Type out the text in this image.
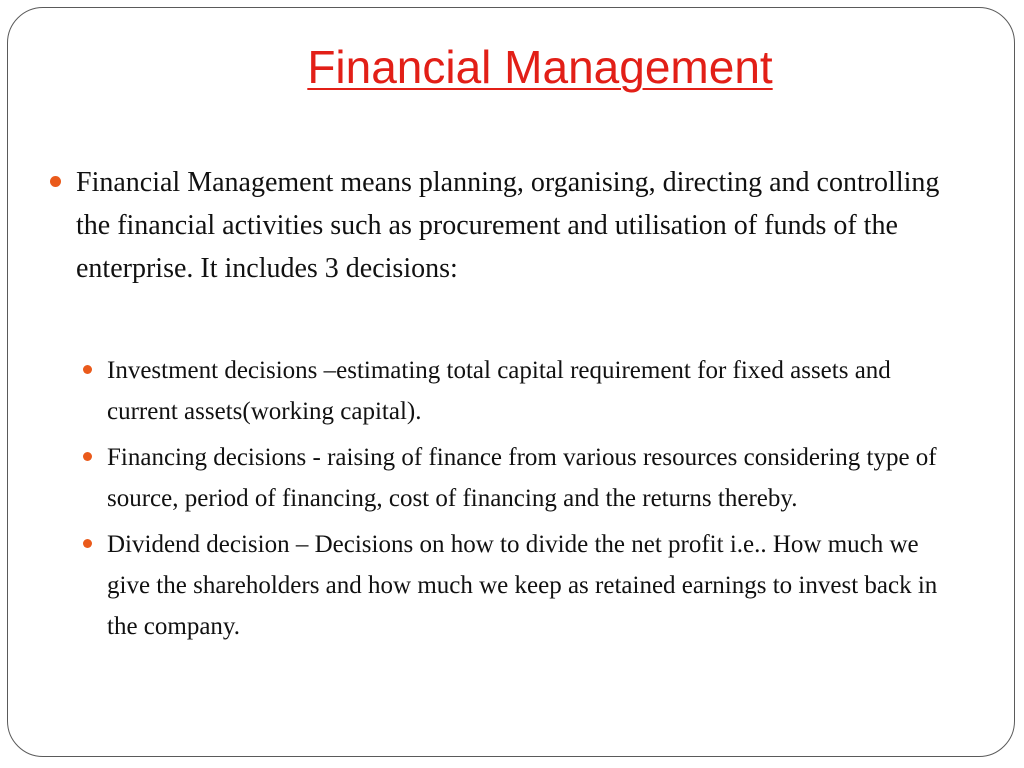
Financial Management
Financial Management means planning, organising, directing and controlling the financial activities such as procurement and utilisation of funds of the enterprise. It includes 3 decisions:
Investment decisions –estimating total capital requirement for fixed assets and current assets(working capital).
Financing decisions - raising of finance from various resources considering type of source, period of financing, cost of financing and the returns thereby.
Dividend decision – Decisions on how to divide the net profit i.e.. How much we give the shareholders and how much we keep as retained earnings to invest back in the company.
